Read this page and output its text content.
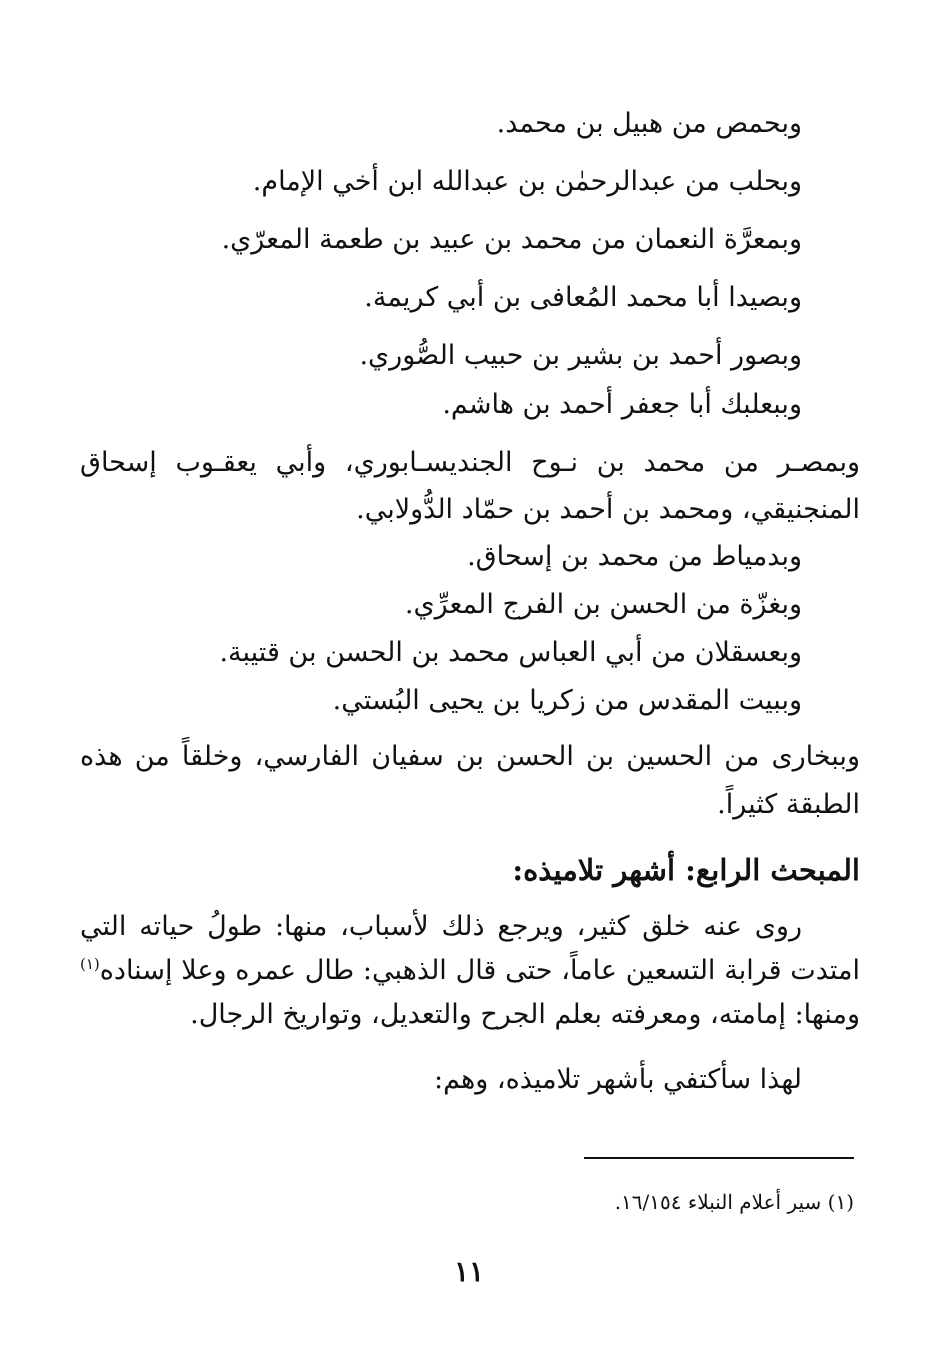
وبحمص من هبيل بن محمد.
وبحلب من عبدالرحمٰن بن عبدالله ابن أخي الإمام.
وبمعرَّة النعمان من محمد بن عبيد بن طعمة المعرّي.
وبصيدا أبا محمد المُعافى بن أبي كريمة.
وبصور أحمد بن بشير بن حبيب الصُّوري.
وببعلبك أبا جعفر أحمد بن هاشم.
وبمصـر من محمد بن نـوح الجنديسـابوري، وأبي يعقـوب إسحاق
المنجنيقي، ومحمد بن أحمد بن حمّاد الدُّولابي.
وبدمياط من محمد بن إسحاق.
وبغزّة من الحسن بن الفرج المعرِّي.
وبعسقلان من أبي العباس محمد بن الحسن بن قتيبة.
وببيت المقدس من زكريا بن يحيى البُستي.
وببخارى من الحسين بن الحسن بن سفيان الفارسي، وخلقاً من هذه
الطبقة كثيراً.
المبحث الرابع: أشهر تلاميذه:
روى عنه خلق كثير، ويرجع ذلك لأسباب، منها: طولُ حياته التي
امتدت قرابة التسعين عاماً، حتى قال الذهبي: طال عمره وعلا إسناده$^{(١)}$
ومنها: إمامته، ومعرفته بعلم الجرح والتعديل، وتواريخ الرجال.
لهذا سأكتفي بأشهر تلاميذه، وهم:
(١) سير أعلام النبلاء ١٦/١٥٤.
١١
